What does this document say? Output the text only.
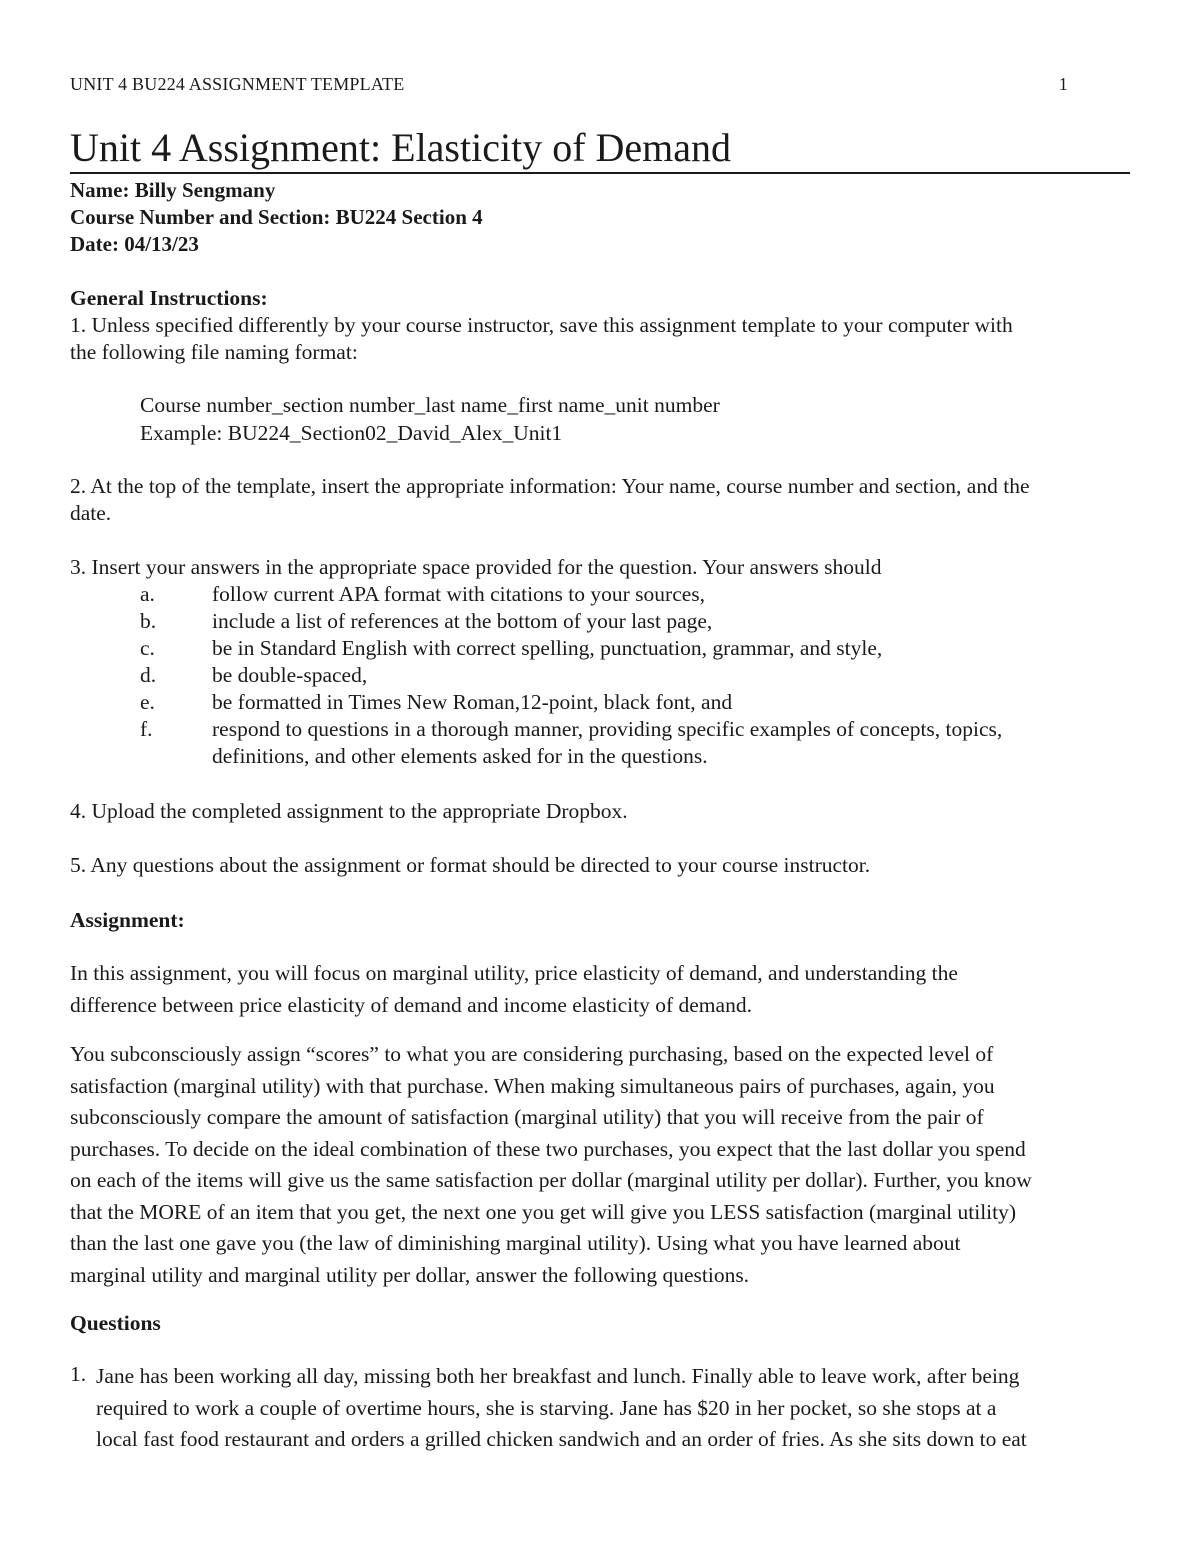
UNIT 4 BU224 ASSIGNMENT TEMPLATE	1
Unit 4 Assignment: Elasticity of Demand
Name: Billy Sengmany
Course Number and Section: BU224 Section 4
Date: 04/13/23
General Instructions:
1. Unless specified differently by your course instructor, save this assignment template to your computer with
the following file naming format:
Course number_section number_last name_first name_unit number
Example: BU224_Section02_David_Alex_Unit1
2. At the top of the template, insert the appropriate information: Your name, course number and section, and the
date.
3. Insert your answers in the appropriate space provided for the question. Your answers should
a.	follow current APA format with citations to your sources,
b.	include a list of references at the bottom of your last page,
c.	be in Standard English with correct spelling, punctuation, grammar, and style,
d.	be double-spaced,
e.	be formatted in Times New Roman,12-point, black font, and
f.	respond to questions in a thorough manner, providing specific examples of concepts, topics,
definitions, and other elements asked for in the questions.
4. Upload the completed assignment to the appropriate Dropbox.
5. Any questions about the assignment or format should be directed to your course instructor.
Assignment:
In this assignment, you will focus on marginal utility, price elasticity of demand, and understanding the
difference between price elasticity of demand and income elasticity of demand.
You subconsciously assign “scores” to what you are considering purchasing, based on the expected level of
satisfaction (marginal utility) with that purchase. When making simultaneous pairs of purchases, again, you
subconsciously compare the amount of satisfaction (marginal utility) that you will receive from the pair of
purchases. To decide on the ideal combination of these two purchases, you expect that the last dollar you spend
on each of the items will give us the same satisfaction per dollar (marginal utility per dollar). Further, you know
that the MORE of an item that you get, the next one you get will give you LESS satisfaction (marginal utility)
than the last one gave you (the law of diminishing marginal utility). Using what you have learned about
marginal utility and marginal utility per dollar, answer the following questions.
Questions
1. Jane has been working all day, missing both her breakfast and lunch. Finally able to leave work, after being
required to work a couple of overtime hours, she is starving. Jane has $20 in her pocket, so she stops at a
local fast food restaurant and orders a grilled chicken sandwich and an order of fries. As she sits down to eat
